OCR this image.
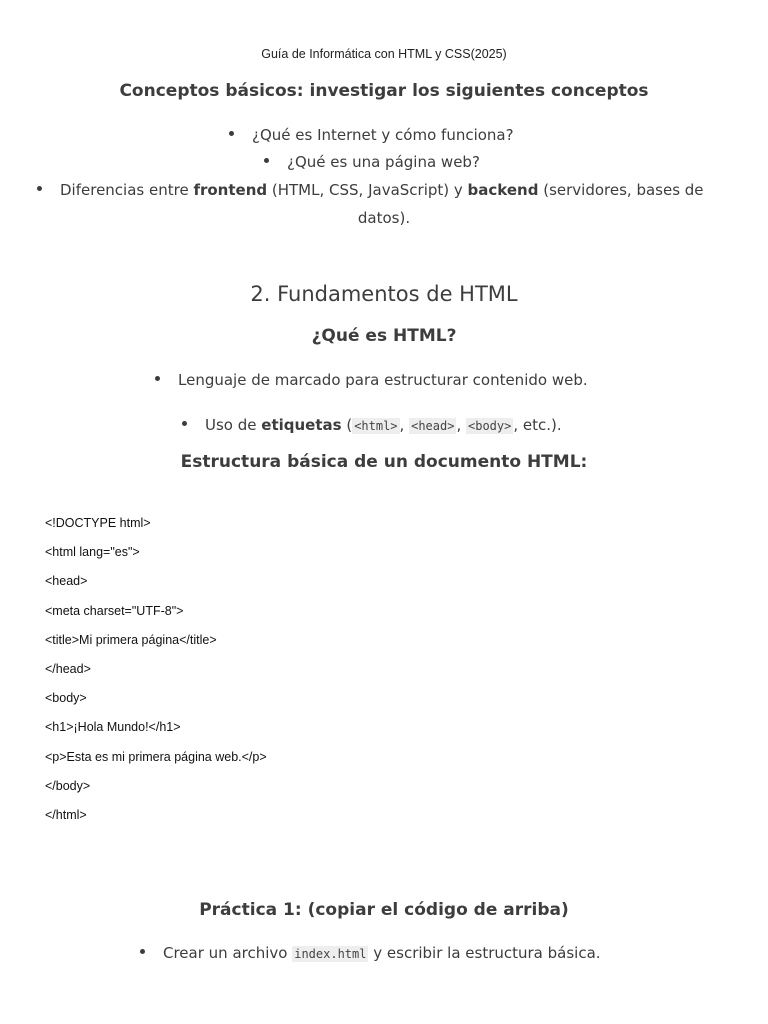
Guía de Informática con HTML y CSS(2025)
Conceptos básicos: investigar los siguientes conceptos
¿Qué es Internet y cómo funciona?
¿Qué es una página web?
Diferencias entre frontend (HTML, CSS, JavaScript) y backend (servidores, bases de
datos).
2. Fundamentos de HTML
¿Qué es HTML?
Lenguaje de marcado para estructurar contenido web.
Uso de etiquetas ( <html> , <head> , <body> , etc.).
Estructura básica de un documento HTML:
<!DOCTYPE html>
<html lang="es">
<head>
<meta charset="UTF-8">
<title>Mi primera página</title>
</head>
<body>
<h1>¡Hola Mundo!</h1>
<p>Esta es mi primera página web.</p>
</body>
</html>
Práctica 1: (copiar el código de arriba)
Crear un archivo index.html y escribir la estructura básica.
